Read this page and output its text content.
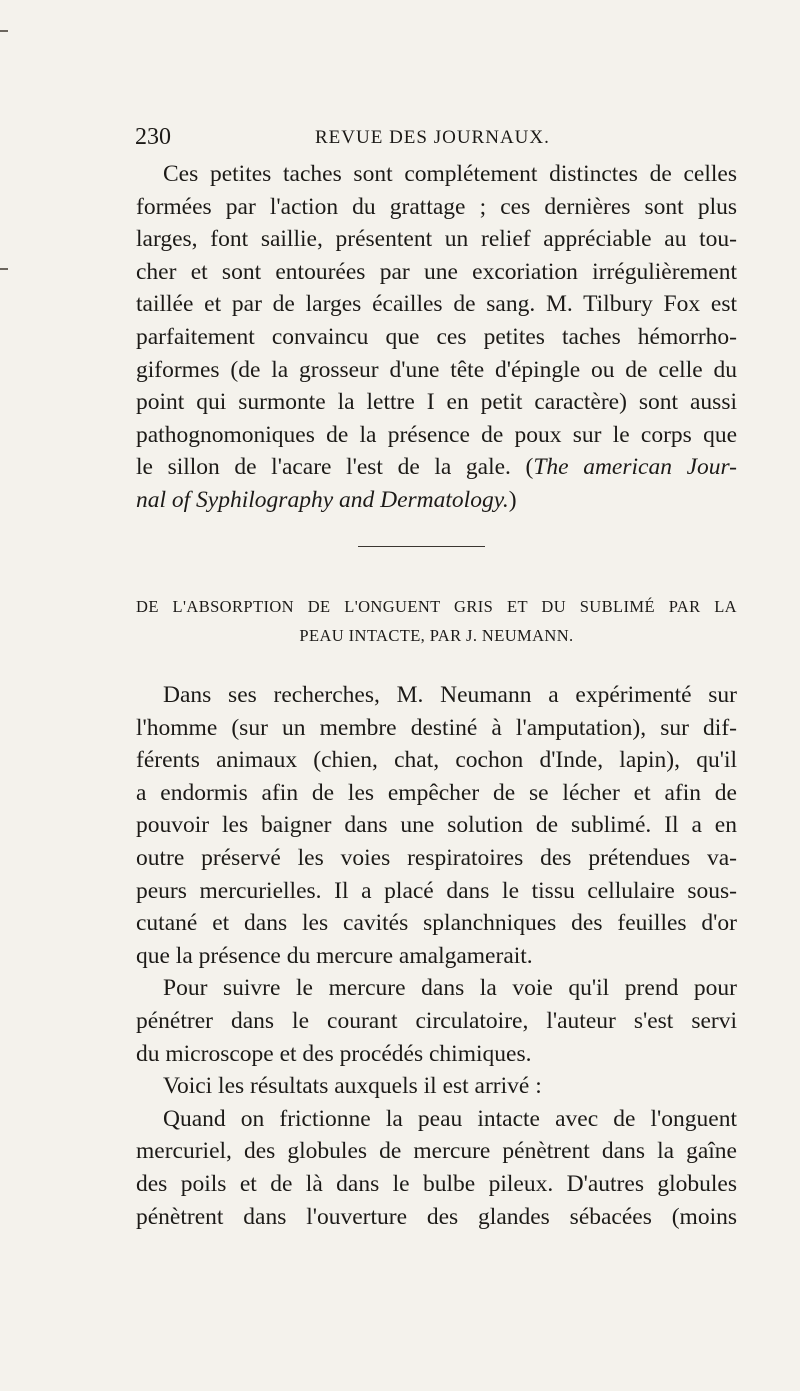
230	REVUE DES JOURNAUX.
Ces petites taches sont complétement distinctes de celles
formées par l'action du grattage ; ces dernières sont plus
larges, font saillie, présentent un relief appréciable au tou-
cher et sont entourées par une excoriation irrégulièrement
taillée et par de larges écailles de sang. M. Tilbury Fox est
parfaitement convaincu que ces petites taches hémorrho-
giformes (de la grosseur d'une tête d'épingle ou de celle du
point qui surmonte la lettre I en petit caractère) sont aussi
pathognomoniques de la présence de poux sur le corps que
le sillon de l'acare l'est de la gale. (The american Jour-
nal of Syphilography and Dermatology.)
DE L'ABSORPTION DE L'ONGUENT GRIS ET DU SUBLIMÉ PAR LA
PEAU INTACTE, PAR J. NEUMANN.
Dans ses recherches, M. Neumann a expérimenté sur
l'homme (sur un membre destiné à l'amputation), sur dif-
férents animaux (chien, chat, cochon d'Inde, lapin), qu'il
a endormis afin de les empêcher de se lécher et afin de
pouvoir les baigner dans une solution de sublimé. Il a en
outre préservé les voies respiratoires des prétendues va-
peurs mercurielles. Il a placé dans le tissu cellulaire sous-
cutané et dans les cavités splanchniques des feuilles d'or
que la présence du mercure amalgamerait.
Pour suivre le mercure dans la voie qu'il prend pour
pénétrer dans le courant circulatoire, l'auteur s'est servi
du microscope et des procédés chimiques.
Voici les résultats auxquels il est arrivé :
Quand on frictionne la peau intacte avec de l'onguent
mercuriel, des globules de mercure pénètrent dans la gaîne
des poils et de là dans le bulbe pileux. D'autres globules
pénètrent dans l'ouverture des glandes sébacées (moins
